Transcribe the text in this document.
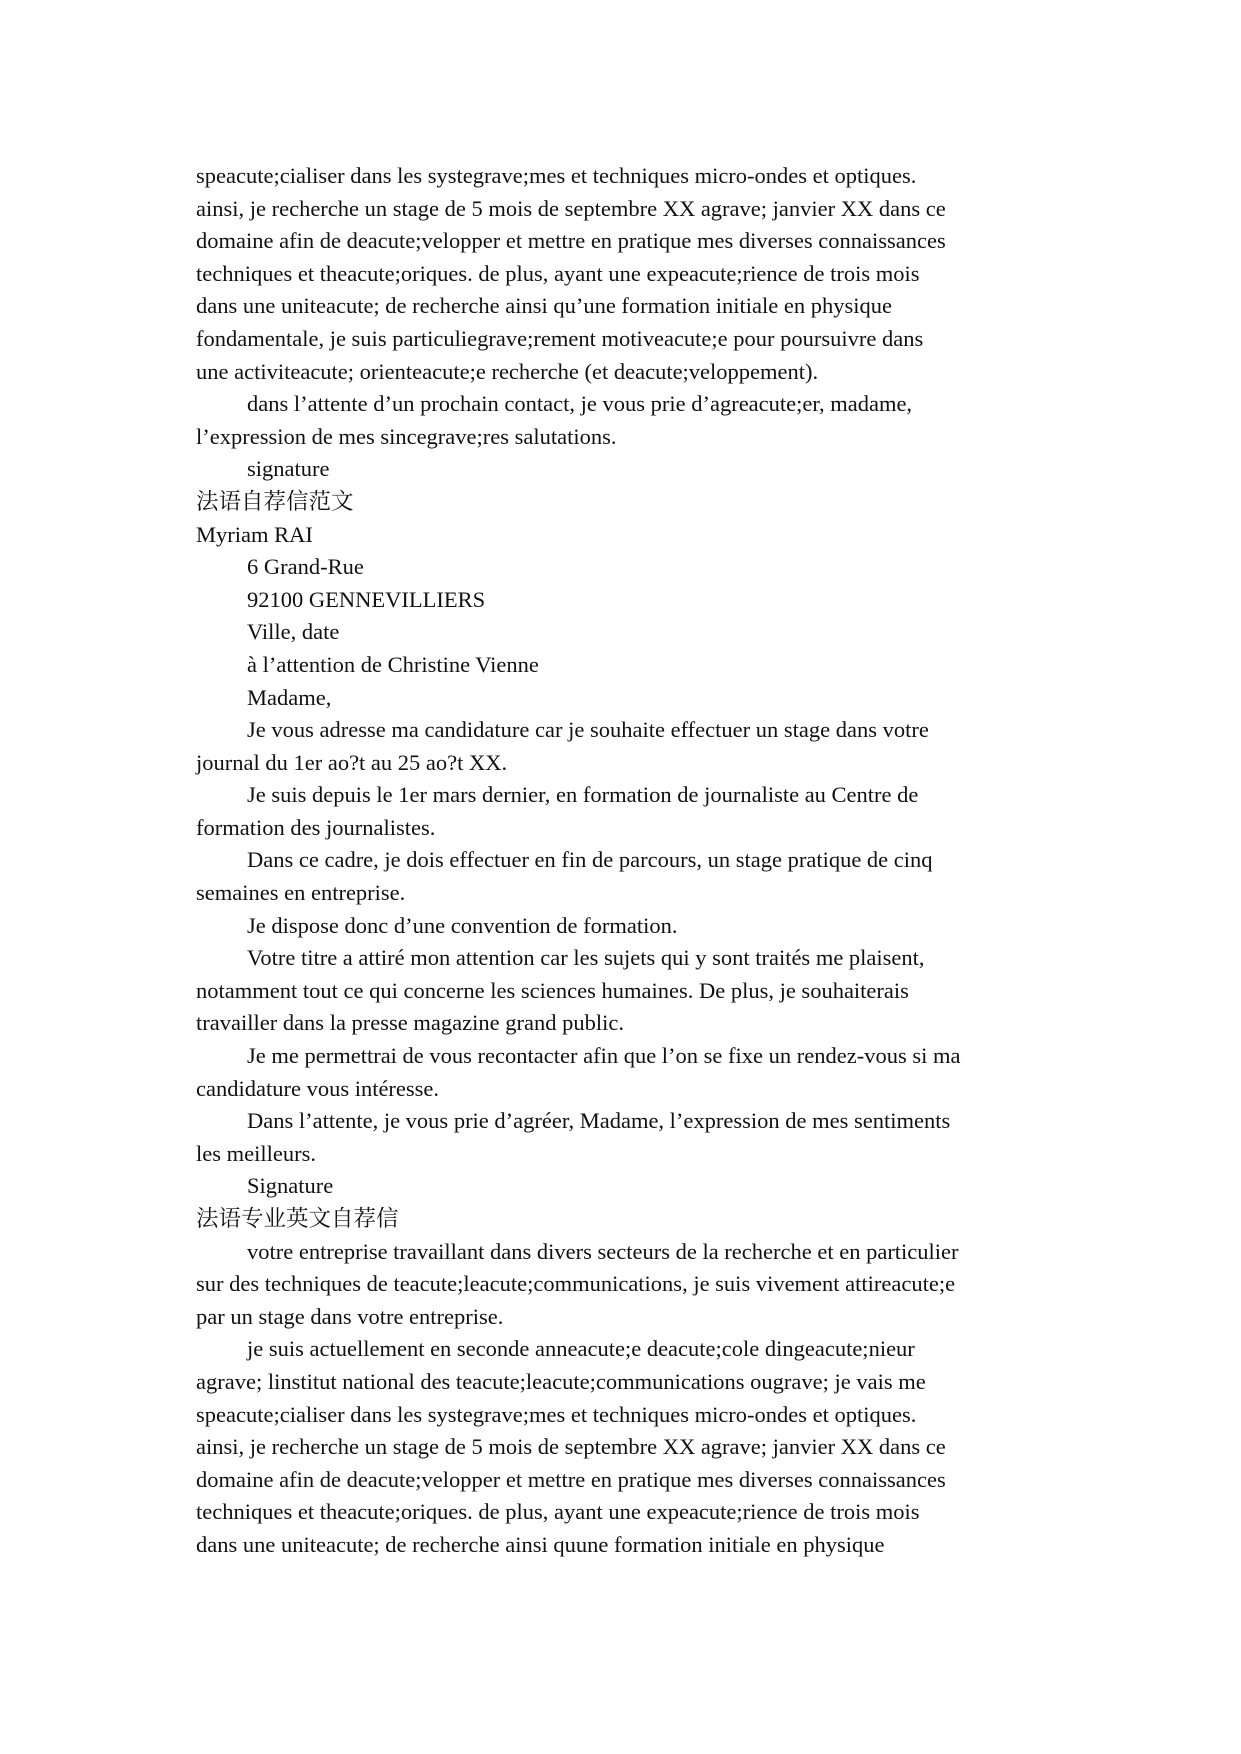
speacute;cialiser dans les systegrave;mes et techniques micro-ondes et optiques.
ainsi, je recherche un stage de 5 mois de septembre XX agrave; janvier XX dans ce
domaine afin de deacute;velopper et mettre en pratique mes diverses connaissances
techniques et theacute;oriques. de plus, ayant une expeacute;rience de trois mois
dans une uniteacute; de recherche ainsi qu’une formation initiale en physique
fondamentale, je suis particuliegrave;rement motiveacute;e pour poursuivre dans
une activiteacute; orienteacute;e recherche (et deacute;veloppement).
dans l’attente d’un prochain contact, je vous prie d’agreacute;er, madame,
l’expression de mes sincegrave;res salutations.
signature
法语自荐信范文
Myriam RAI
6 Grand-Rue
92100 GENNEVILLIERS
Ville, date
à l’attention de Christine Vienne
Madame,
Je vous adresse ma candidature car je souhaite effectuer un stage dans votre
journal du 1er ao?t au 25 ao?t XX.
Je suis depuis le 1er mars dernier, en formation de journaliste au Centre de
formation des journalistes.
Dans ce cadre, je dois effectuer en fin de parcours, un stage pratique de cinq
semaines en entreprise.
Je dispose donc d’une convention de formation.
Votre titre a attiré mon attention car les sujets qui y sont traités me plaisent,
notamment tout ce qui concerne les sciences humaines. De plus, je souhaiterais
travailler dans la presse magazine grand public.
Je me permettrai de vous recontacter afin que l’on se fixe un rendez-vous si ma
candidature vous intéresse.
Dans l’attente, je vous prie d’agréer, Madame, l’expression de mes sentiments
les meilleurs.
Signature
法语专业英文自荐信
votre entreprise travaillant dans divers secteurs de la recherche et en particulier
sur des techniques de teacute;leacute;communications, je suis vivement attireacute;e
par un stage dans votre entreprise.
je suis actuellement en seconde anneacute;e deacute;cole dingeacute;nieur
agrave; linstitut national des teacute;leacute;communications ougrave; je vais me
speacute;cialiser dans les systegrave;mes et techniques micro-ondes et optiques.
ainsi, je recherche un stage de 5 mois de septembre XX agrave; janvier XX dans ce
domaine afin de deacute;velopper et mettre en pratique mes diverses connaissances
techniques et theacute;oriques. de plus, ayant une expeacute;rience de trois mois
dans une uniteacute; de recherche ainsi quune formation initiale en physique
